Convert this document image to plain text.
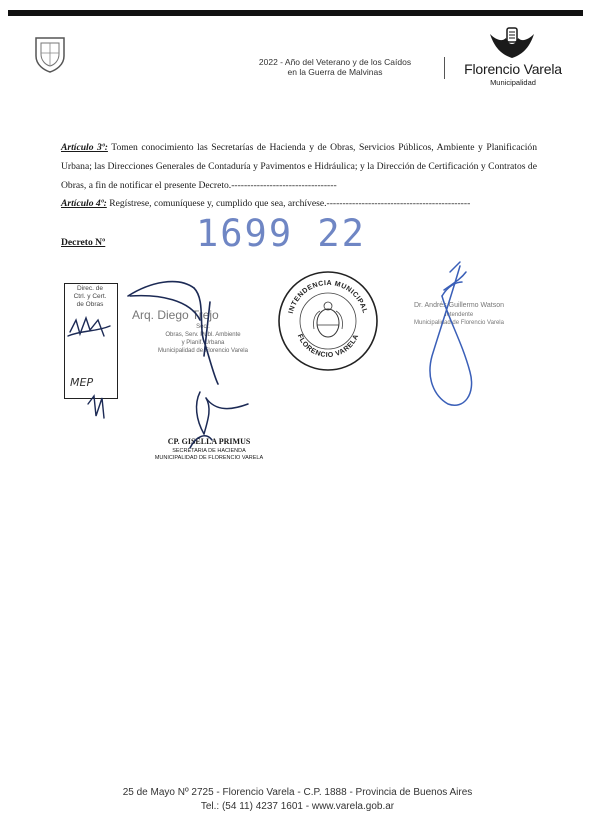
2022 - Año del Veterano y de los Caídos
en la Guerra de Malvinas	Florencio Varela
Municipalidad
Artículo 3º: Tomen conocimiento las Secretarías de Hacienda y de Obras, Servicios Públicos, Ambiente y Planificación Urbana; las Direcciones Generales de Contaduría y Pavimentos e Hidráulica; y la Dirección de Certificación y Contratos de Obras, a fin de notificar el presente Decreto.---------------------------------
Artículo 4º: Regístrese, comuníquese y, cumplido que sea, archívese.---------------------------------------------
Decreto Nº 1699 22
Direc. de
Ctrl. y Cert.
de Obras
MEP
Arq. Diego Trejo
Secr.
Obras, Serv. Públ. Ambiente
y Planif. Urbana
Municipalidad de Florencio Varela
INTENDENCIA MUNICIPAL
FLORENCIO VARELA
Dr. Andrés Guillermo Watson
Intendente
Municipalidad de Florencio Varela
CP. GISELLA PRIMUS
SECRETARIA DE HACIENDA
MUNICIPALIDAD DE FLORENCIO VARELA
25 de Mayo Nº 2725 - Florencio Varela - C.P. 1888 - Provincia de Buenos Aires
Tel.: (54 11) 4237 1601 - www.varela.gob.ar
